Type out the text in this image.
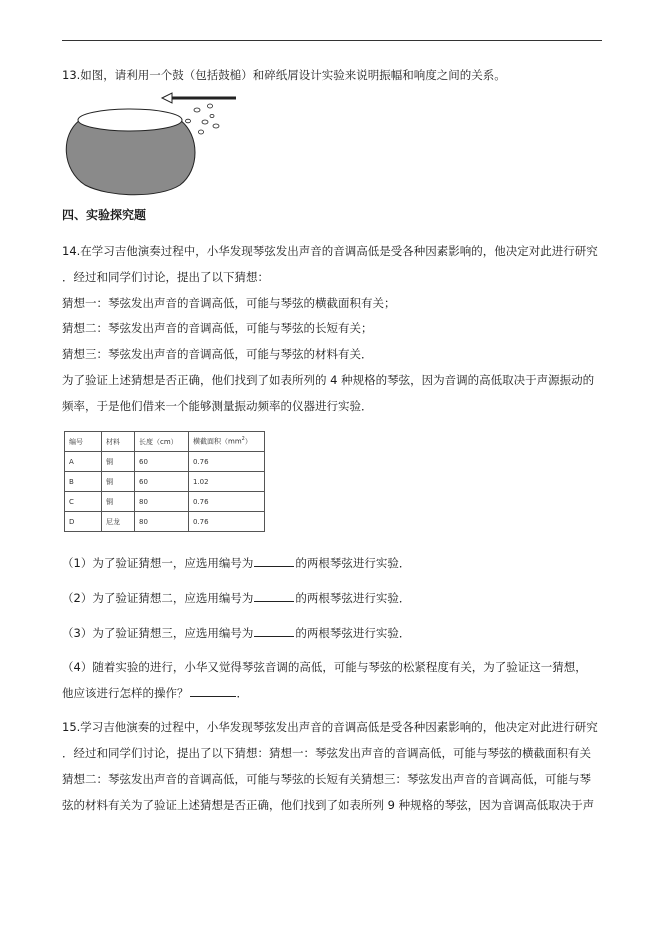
13.如图，请利用一个鼓（包括鼓槌）和碎纸屑设计实验来说明振幅和响度之间的关系。
四、实验探究题
14.在学习吉他演奏过程中，小华发现琴弦发出声音的音调高低是受各种因素影响的，他决定对此进行研究
．经过和同学们讨论，提出了以下猜想：
猜想一：琴弦发出声音的音调高低，可能与琴弦的横截面积有关；
猜想二：琴弦发出声音的音调高低，可能与琴弦的长短有关；
猜想三：琴弦发出声音的音调高低，可能与琴弦的材料有关．
为了验证上述猜想是否正确，他们找到了如表所列的 4 种规格的琴弦，因为音调的高低取决于声源振动的
频率，于是他们借来一个能够测量振动频率的仪器进行实验．
编号	材料	长度（cm）	横截面积$(mm^2)$
A	铜	60	0.76
B	铜	60	1.02
C	铜	80	0.76
D	尼龙	80	0.76
（1）为了验证猜想一，应选用编号为	的两根琴弦进行实验．
（2）为了验证猜想二，应选用编号为	的两根琴弦进行实验．
（3）为了验证猜想三，应选用编号为	的两根琴弦进行实验．
（4）随着实验的进行，小华又觉得琴弦音调的高低，可能与琴弦的松紧程度有关，为了验证这一猜想，
他应该进行怎样的操作？	．
15.学习吉他演奏的过程中，小华发现琴弦发出声音的音调高低是受各种因素影响的，他决定对此进行研究
．经过和同学们讨论，提出了以下猜想：猜想一：琴弦发出声音的音调高低，可能与琴弦的横截面积有关
猜想二：琴弦发出声音的音调高低，可能与琴弦的长短有关猜想三：琴弦发出声音的音调高低，可能与琴
弦的材料有关为了验证上述猜想是否正确，他们找到了如表所列 9 种规格的琴弦，因为音调高低取决于声
